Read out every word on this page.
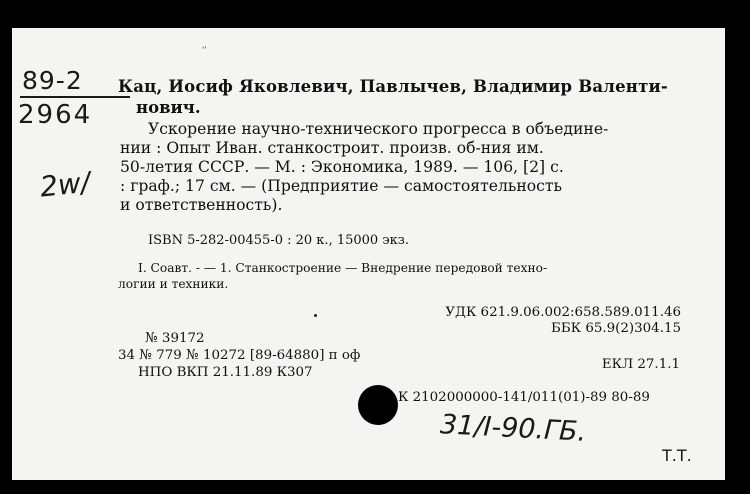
ˈˈ
89-2
2964
2w/
Кац, Иосиф Яковлевич, Павлычев, Владимир Валенти-
нович.
Ускорение научно-технического прогресса в объедине-
нии : Опыт Иван. станкостроит. произв. об-ния им.
50-летия СССР. — М. : Экономика, 1989. — 106, [2] с.
: граф.; 17 см. — (Предприятие — самостоятельность
и ответственность).
ISBN 5-282-00455-0 : 20 к., 15000 экз.
I. Соавт. - — 1. Станкостроение — Внедрение передовой техно-
логии и техники.
УДК 621.9.06.002:658.589.011.46
ББК 65.9(2)304.15
№ 39172
34 № 779 № 10272 [89-64880] п оф
ЕКЛ 27.1.1
НПО ВКП 21.11.89 К307
К 2102000000-141/011(01)-89 80-89
31/I-90.ГБ.
Т.Т.
